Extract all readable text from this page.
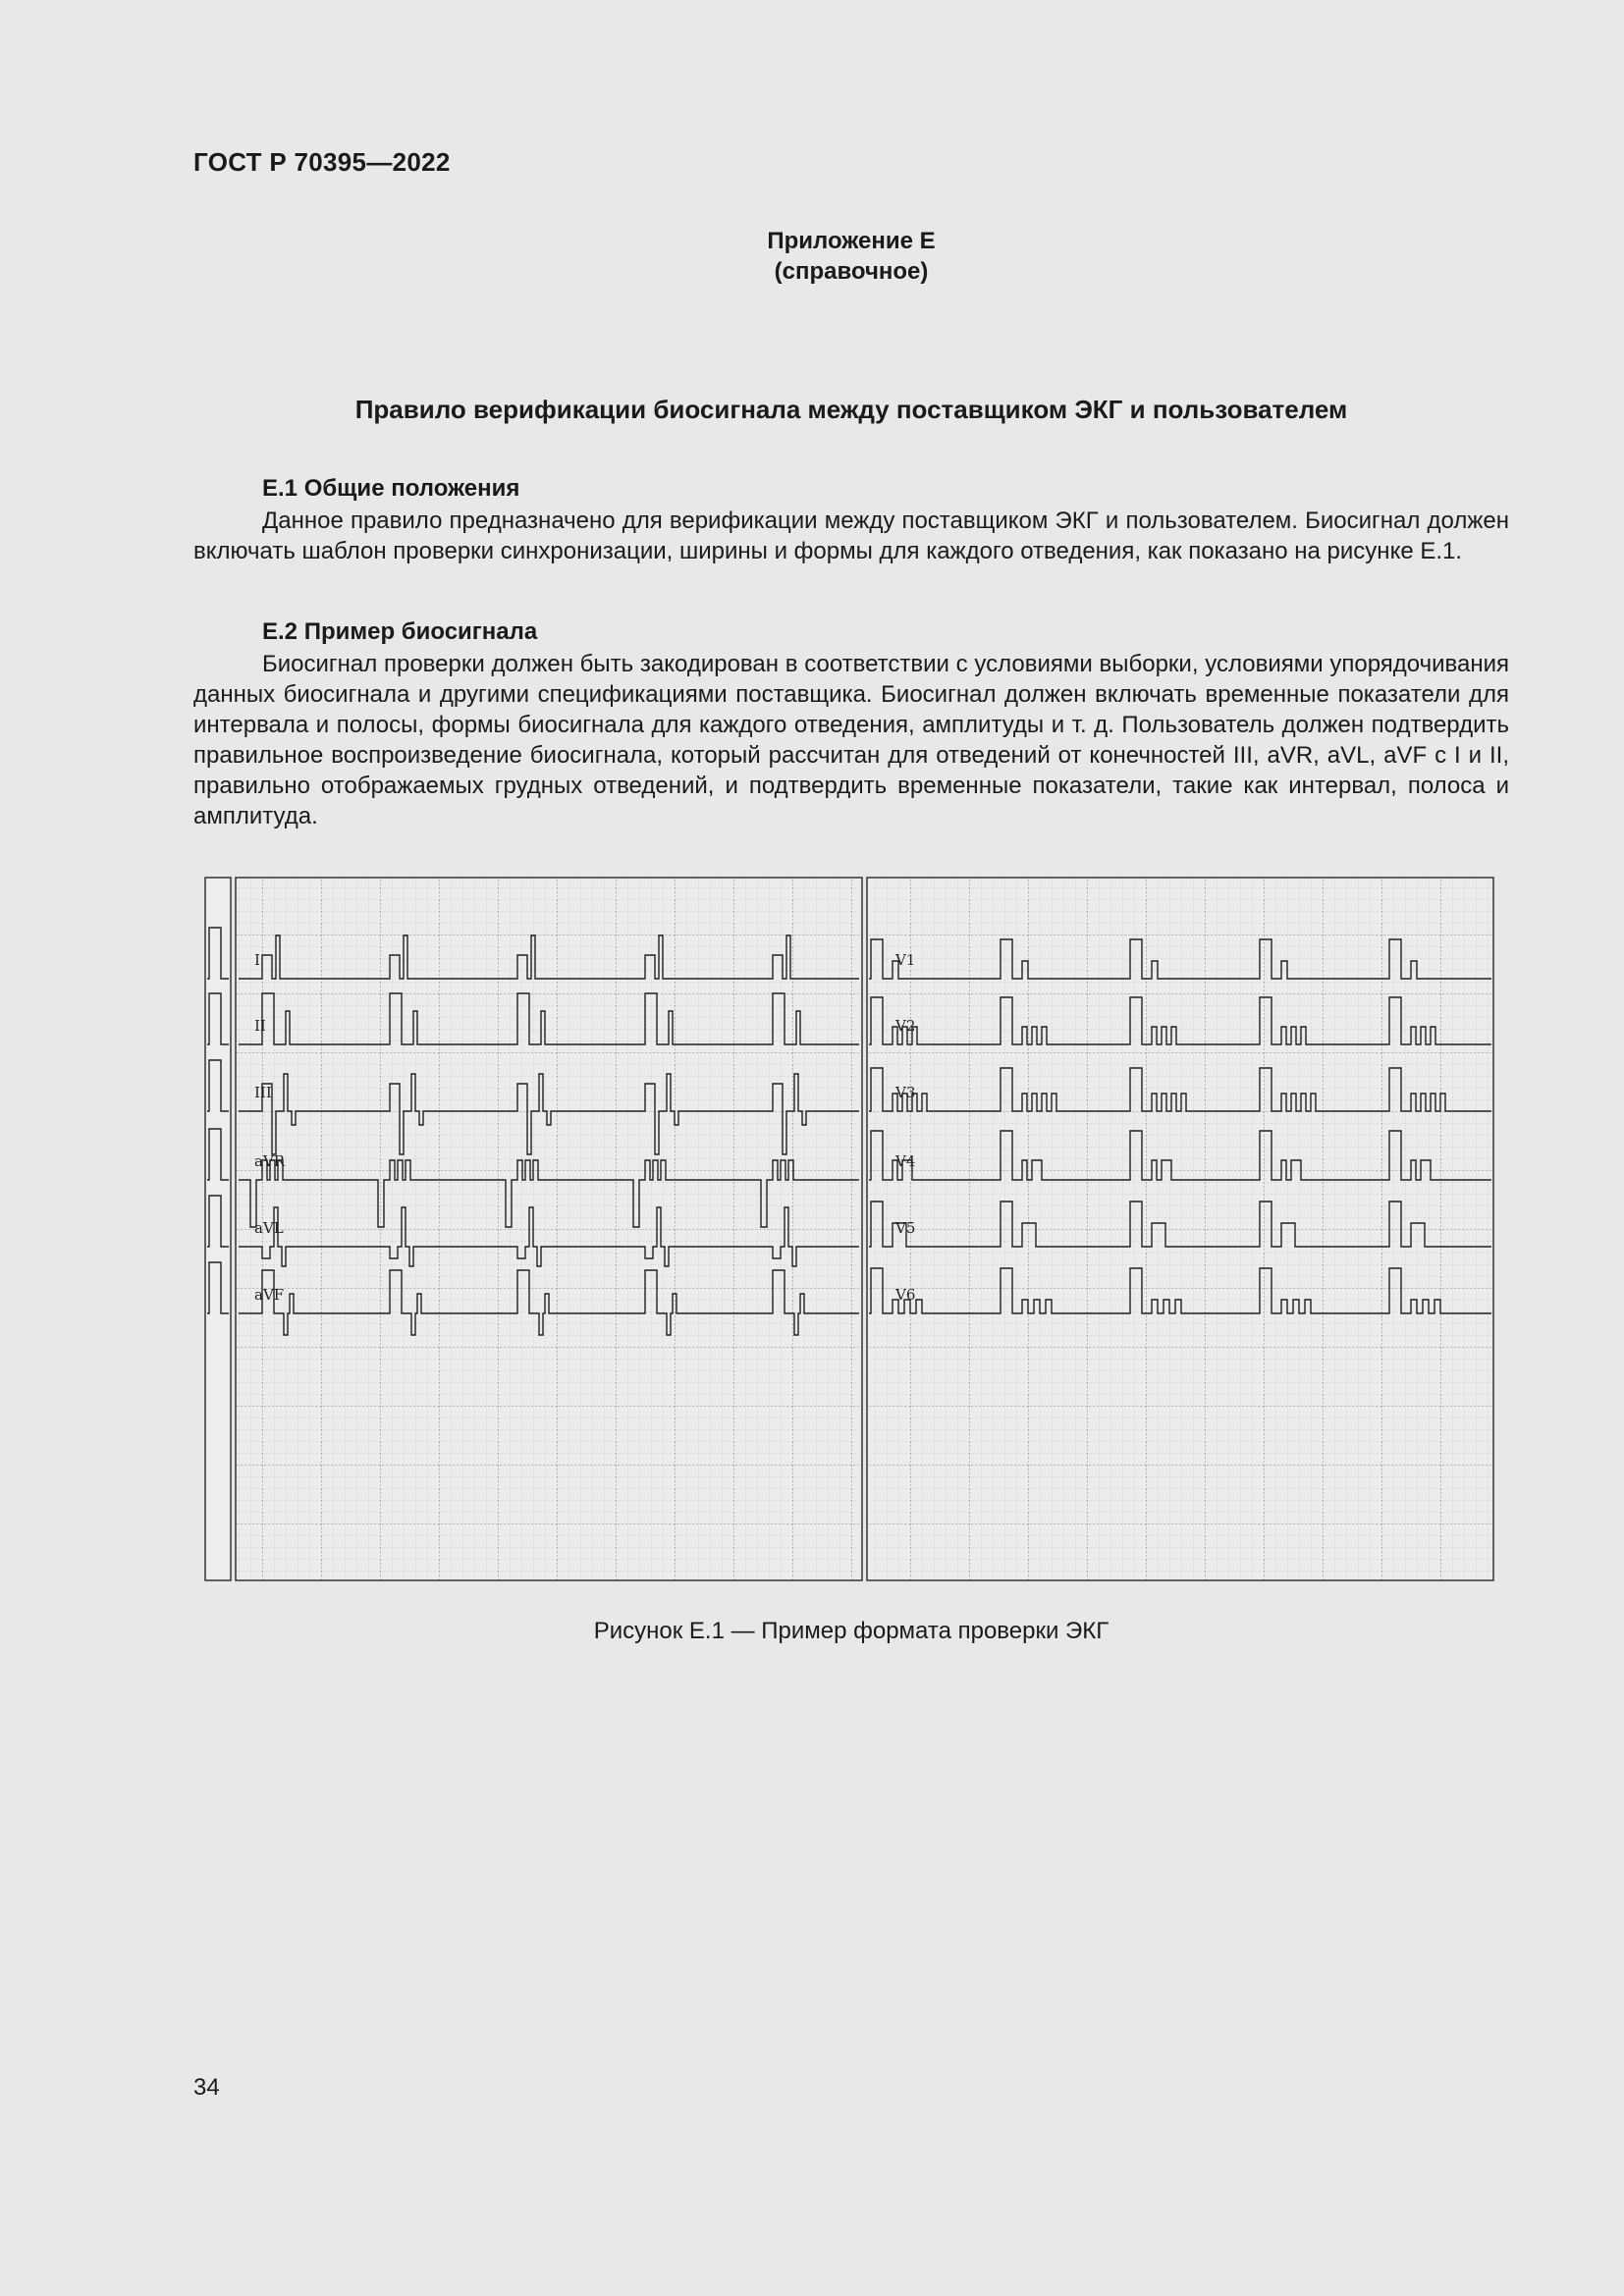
ГОСТ Р 70395—2022
Приложение Е
(справочное)
Правило верификации биосигнала между поставщиком ЭКГ и пользователем
Е.1 Общие положения

Данное правило предназначено для верификации между поставщиком ЭКГ и пользователем. Биосигнал должен включать шаблон проверки синхронизации, ширины и формы для каждого отведения, как показано на рисунке Е.1.

Е.2 Пример биосигнала

Биосигнал проверки должен быть закодирован в соответствии с условиями выборки, условиями упорядочивания данных биосигнала и другими спецификациями поставщика. Биосигнал должен включать временные показатели для интервала и полосы, формы биосигнала для каждого отведения, амплитуды и т. д. Пользователь должен подтвердить правильное воспроизведение биосигнала, который рассчитан для отведений от конечностей III, aVR, aVL, aVF с I и II, правильно отображаемых грудных отведений, и подтвердить временные показатели, такие как интервал, полоса и амплитуда.

I	V1
II	V2
III	V3
aVR	V4
aVL	V5
aVF	V6
Рисунок Е.1 — Пример формата проверки ЭКГ
34
